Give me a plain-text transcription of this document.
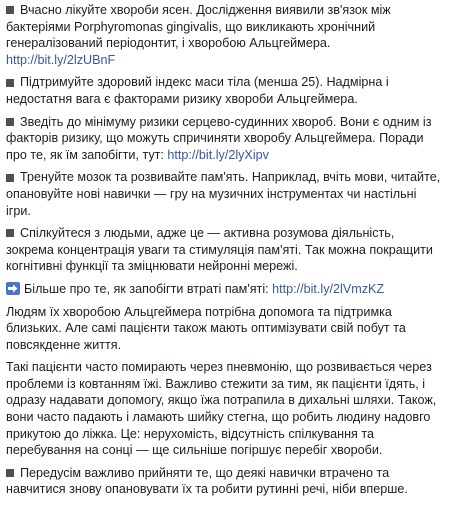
Вчасно лікуйте хвороби ясен. Дослідження виявили зв'язок між бактеріями Porphyromonas gingivalis, що викликають хронічний генералізований періодонтит, і хворобою Альцгеймера.
http://bit.ly/2lzUBnF

Підтримуйте здоровий індекс маси тіла (менша 25). Надмірна і недостатня вага є факторами ризику хвороби Альцгеймера.

Зведіть до мінімуму ризики серцево-судинних хвороб. Вони є одним із факторів ризику, що можуть спричиняти хворобу Альцгеймера. Поради про те, як їм запобігти, тут: http://bit.ly/2lyXipv

Тренуйте мозок та розвивайте пам'ять. Наприклад, вчіть мови, читайте, опановуйте нові навички — гру на музичних інструментах чи настільні ігри.

Спілкуйтеся з людьми, адже це — активна розумова діяльність, зокрема концентрація уваги та стимуляція пам'яті. Так можна покращити когнітивні функції та зміцнювати нейронні мережі.

Більше про те, як запобігти втраті пам'яті: http://bit.ly/2lVmzKZ

Людям їх хворобою Альцгеймера потрібна допомога та підтримка близьких. Але самі пацієнти також мають оптимізувати свій побут та повсякденне життя.

Такі пацієнти часто помирають через пневмонію, що розвивається через проблеми із ковтанням їжі. Важливо стежити за тим, як пацієнти їдять, і одразу надавати допомогу, якщо їжа потрапила в дихальні шляхи. Також, вони часто падають і ламають шийку стегна, що робить людину надовго прикутою до ліжка. Це: нерухомість, відсутність спілкування та перебування на сонці — ще сильніше погіршує перебіг хвороби.

Передусім важливо прийняти те, що деякі навички втрачено та навчитися знову опановувати їх та робити рутинні речі, ніби вперше.
